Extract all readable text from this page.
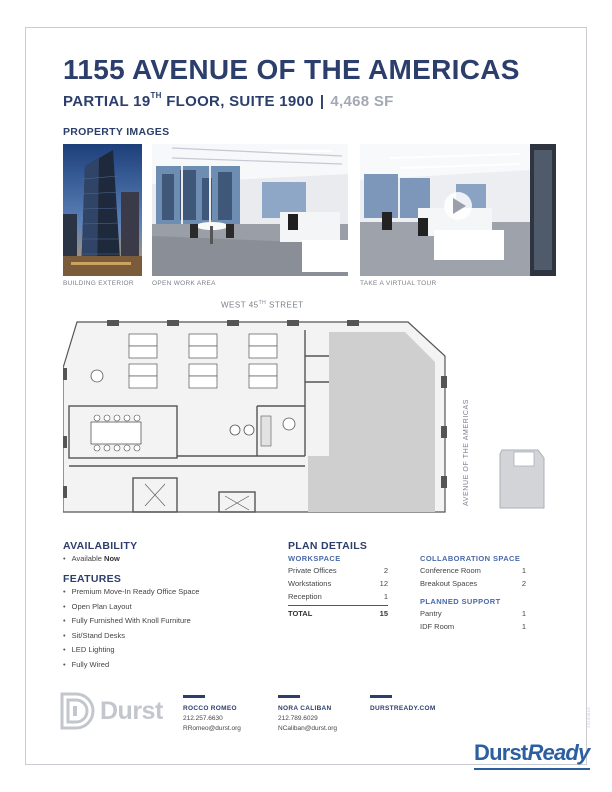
1155 AVENUE OF THE AMERICAS
PARTIAL 19TH FLOOR, SUITE 1900 | 4,468 SF
PROPERTY IMAGES
BUILDING EXTERIOR	OPEN WORK AREA	TAKE A VIRTUAL TOUR
WEST 45TH STREET
AVENUE OF THE AMERICAS
AVAILABILITY
• Available Now
FEATURES
• Premium Move-In Ready Office Space
• Open Plan Layout
• Fully Furnished With Knoll Furniture
• Sit/Stand Desks
• LED Lighting
• Fully Wired
PLAN DETAILS
WORKSPACE
Private Offices	2
Workstations	12
Reception	1
TOTAL	15
COLLABORATION SPACE
Conference Room	1
Breakout Spaces	2
PLANNED SUPPORT
Pantry	1
IDF Room	1
Durst	ROCCO ROMEO
212.257.6630
RRomeo@durst.org
NORA CALIBAN
212.789.6029
NCaliban@durst.org
DURSTREADY.COM	20200818
DurstReady
